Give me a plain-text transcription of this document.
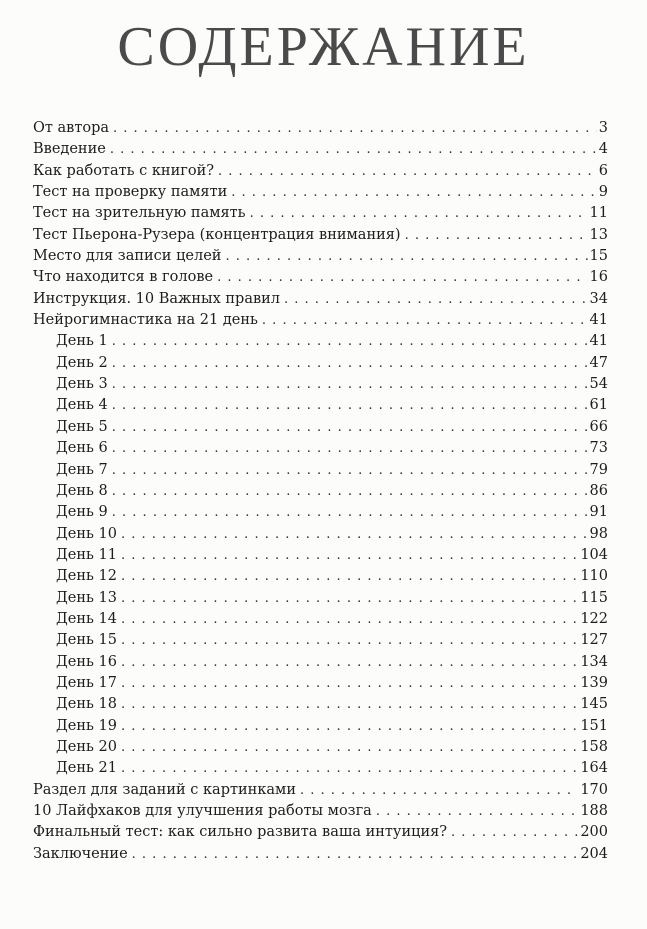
СОДЕРЖАНИЕ
От автора . . .	3
Введение . . .	4
Как работать с книгой? . . .	6
Тест на проверку памяти . . .	9
Тест на зрительную память . . .	11
Тест Пьерона-Рузера (концентрация внимания) . . .	13
Место для записи целей . . .	15
Что находится в голове . . .	16
Инструкция. 10 Важных правил . . .	34
Нейрогимнастика на 21 день . . .	41
День 1 . . .	41
День 2 . . .	47
День 3 . . .	54
День 4 . . .	61
День 5 . . .	66
День 6 . . .	73
День 7 . . .	79
День 8 . . .	86
День 9 . . .	91
День 10 . . .	98
День 11 . . .	104
День 12 . . .	110
День 13 . . .	115
День 14 . . .	122
День 15 . . .	127
День 16 . . .	134
День 17 . . .	139
День 18 . . .	145
День 19 . . .	151
День 20 . . .	158
День 21 . . .	164
Раздел для заданий с картинками . . .	170
10 Лайфхаков для улучшения работы мозга . . .	188
Финальный тест: как сильно развита ваша интуиция? . . .	200
Заключение . . .	204
